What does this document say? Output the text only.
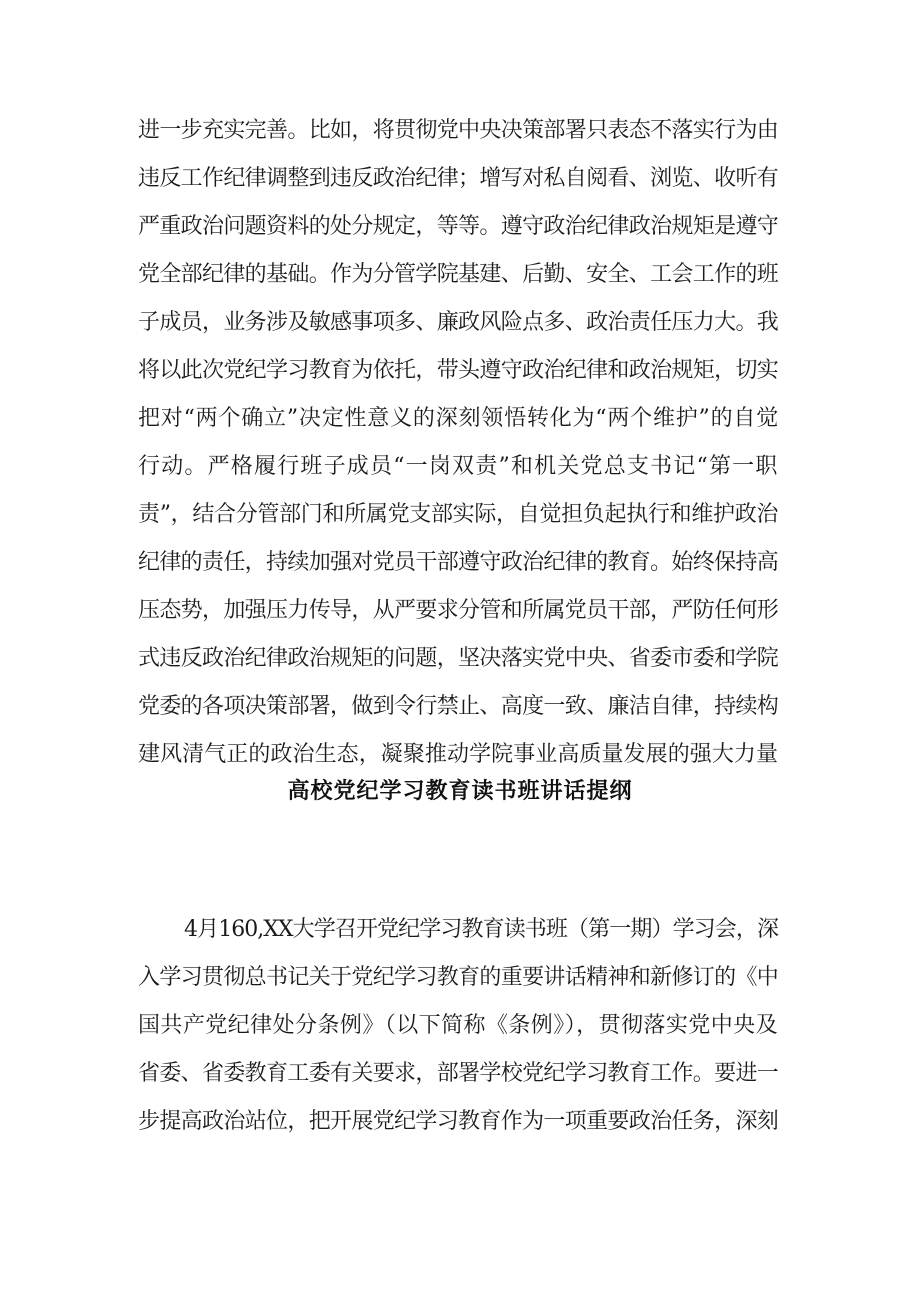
进一步充实完善。比如，将贯彻党中央决策部署只表态不落实行为由
违反工作纪律调整到违反政治纪律；增写对私自阅看、浏览、收听有
严重政治问题资料的处分规定，等等。遵守政治纪律政治规矩是遵守
党全部纪律的基础。作为分管学院基建、后勤、安全、工会工作的班
子成员，业务涉及敏感事项多、廉政风险点多、政治责任压力大。我
将以此次党纪学习教育为依托，带头遵守政治纪律和政治规矩，切实
把对“两个确立”决定性意义的深刻领悟转化为“两个维护”的自觉
行动。严格履行班子成员“一岗双责”和机关党总支书记“第一职
责”，结合分管部门和所属党支部实际，自觉担负起执行和维护政治
纪律的责任，持续加强对党员干部遵守政治纪律的教育。始终保持高
压态势，加强压力传导，从严要求分管和所属党员干部，严防任何形
式违反政治纪律政治规矩的问题，坚决落实党中央、省委市委和学院
党委的各项决策部署，做到令行禁止、高度一致、廉洁自律，持续构
建风清气正的政治生态，凝聚推动学院事业高质量发展的强大力量
高校党纪学习教育读书班讲话提纲
4月160,XX大学召开党纪学习教育读书班（第一期）学习会，深
入学习贯彻总书记关于党纪学习教育的重要讲话精神和新修订的《中
国共产党纪律处分条例》（以下简称《条例》），贯彻落实党中央及
省委、省委教育工委有关要求，部署学校党纪学习教育工作。要进一
步提高政治站位，把开展党纪学习教育作为一项重要政治任务，深刻
